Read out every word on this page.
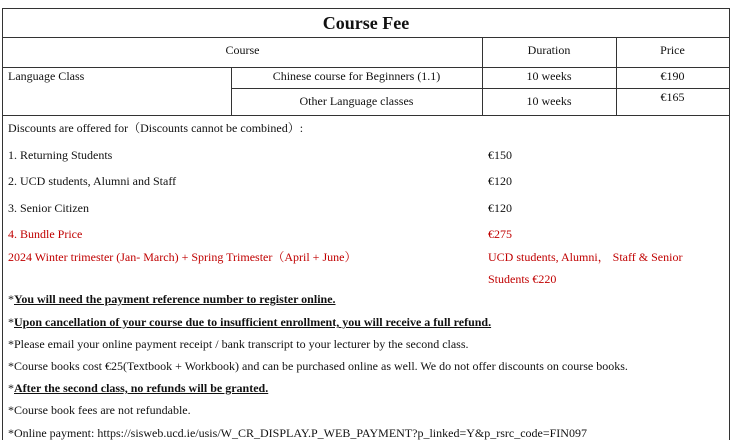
Course Fee
Course	Duration	Price
Language Class	Chinese course for Beginners (1.1)	10 weeks	€190
Other Language classes	10 weeks	€165
Discounts are offered for（Discounts cannot be combined）:
1. Returning Students	€150
2. UCD students, Alumni and Staff	€120
3. Senior Citizen	€120
4. Bundle Price	€275
2024 Winter trimester (Jan- March) + Spring Trimester（April + June）	UCD students, Alumni， Staff & Senior
Students €220
*You will need the payment reference number to register online.
*Upon cancellation of your course due to insufficient enrollment, you will receive a full refund.
*Please email your online payment receipt / bank transcript to your lecturer by the second class.
*Course books cost €25(Textbook + Workbook) and can be purchased online as well. We do not offer discounts on course books.
*After the second class, no refunds will be granted.
*Course book fees are not refundable.
*Online payment: https://sisweb.ucd.ie/usis/W_CR_DISPLAY.P_WEB_PAYMENT?p_linked=Y&p_rsrc_code=FIN097
